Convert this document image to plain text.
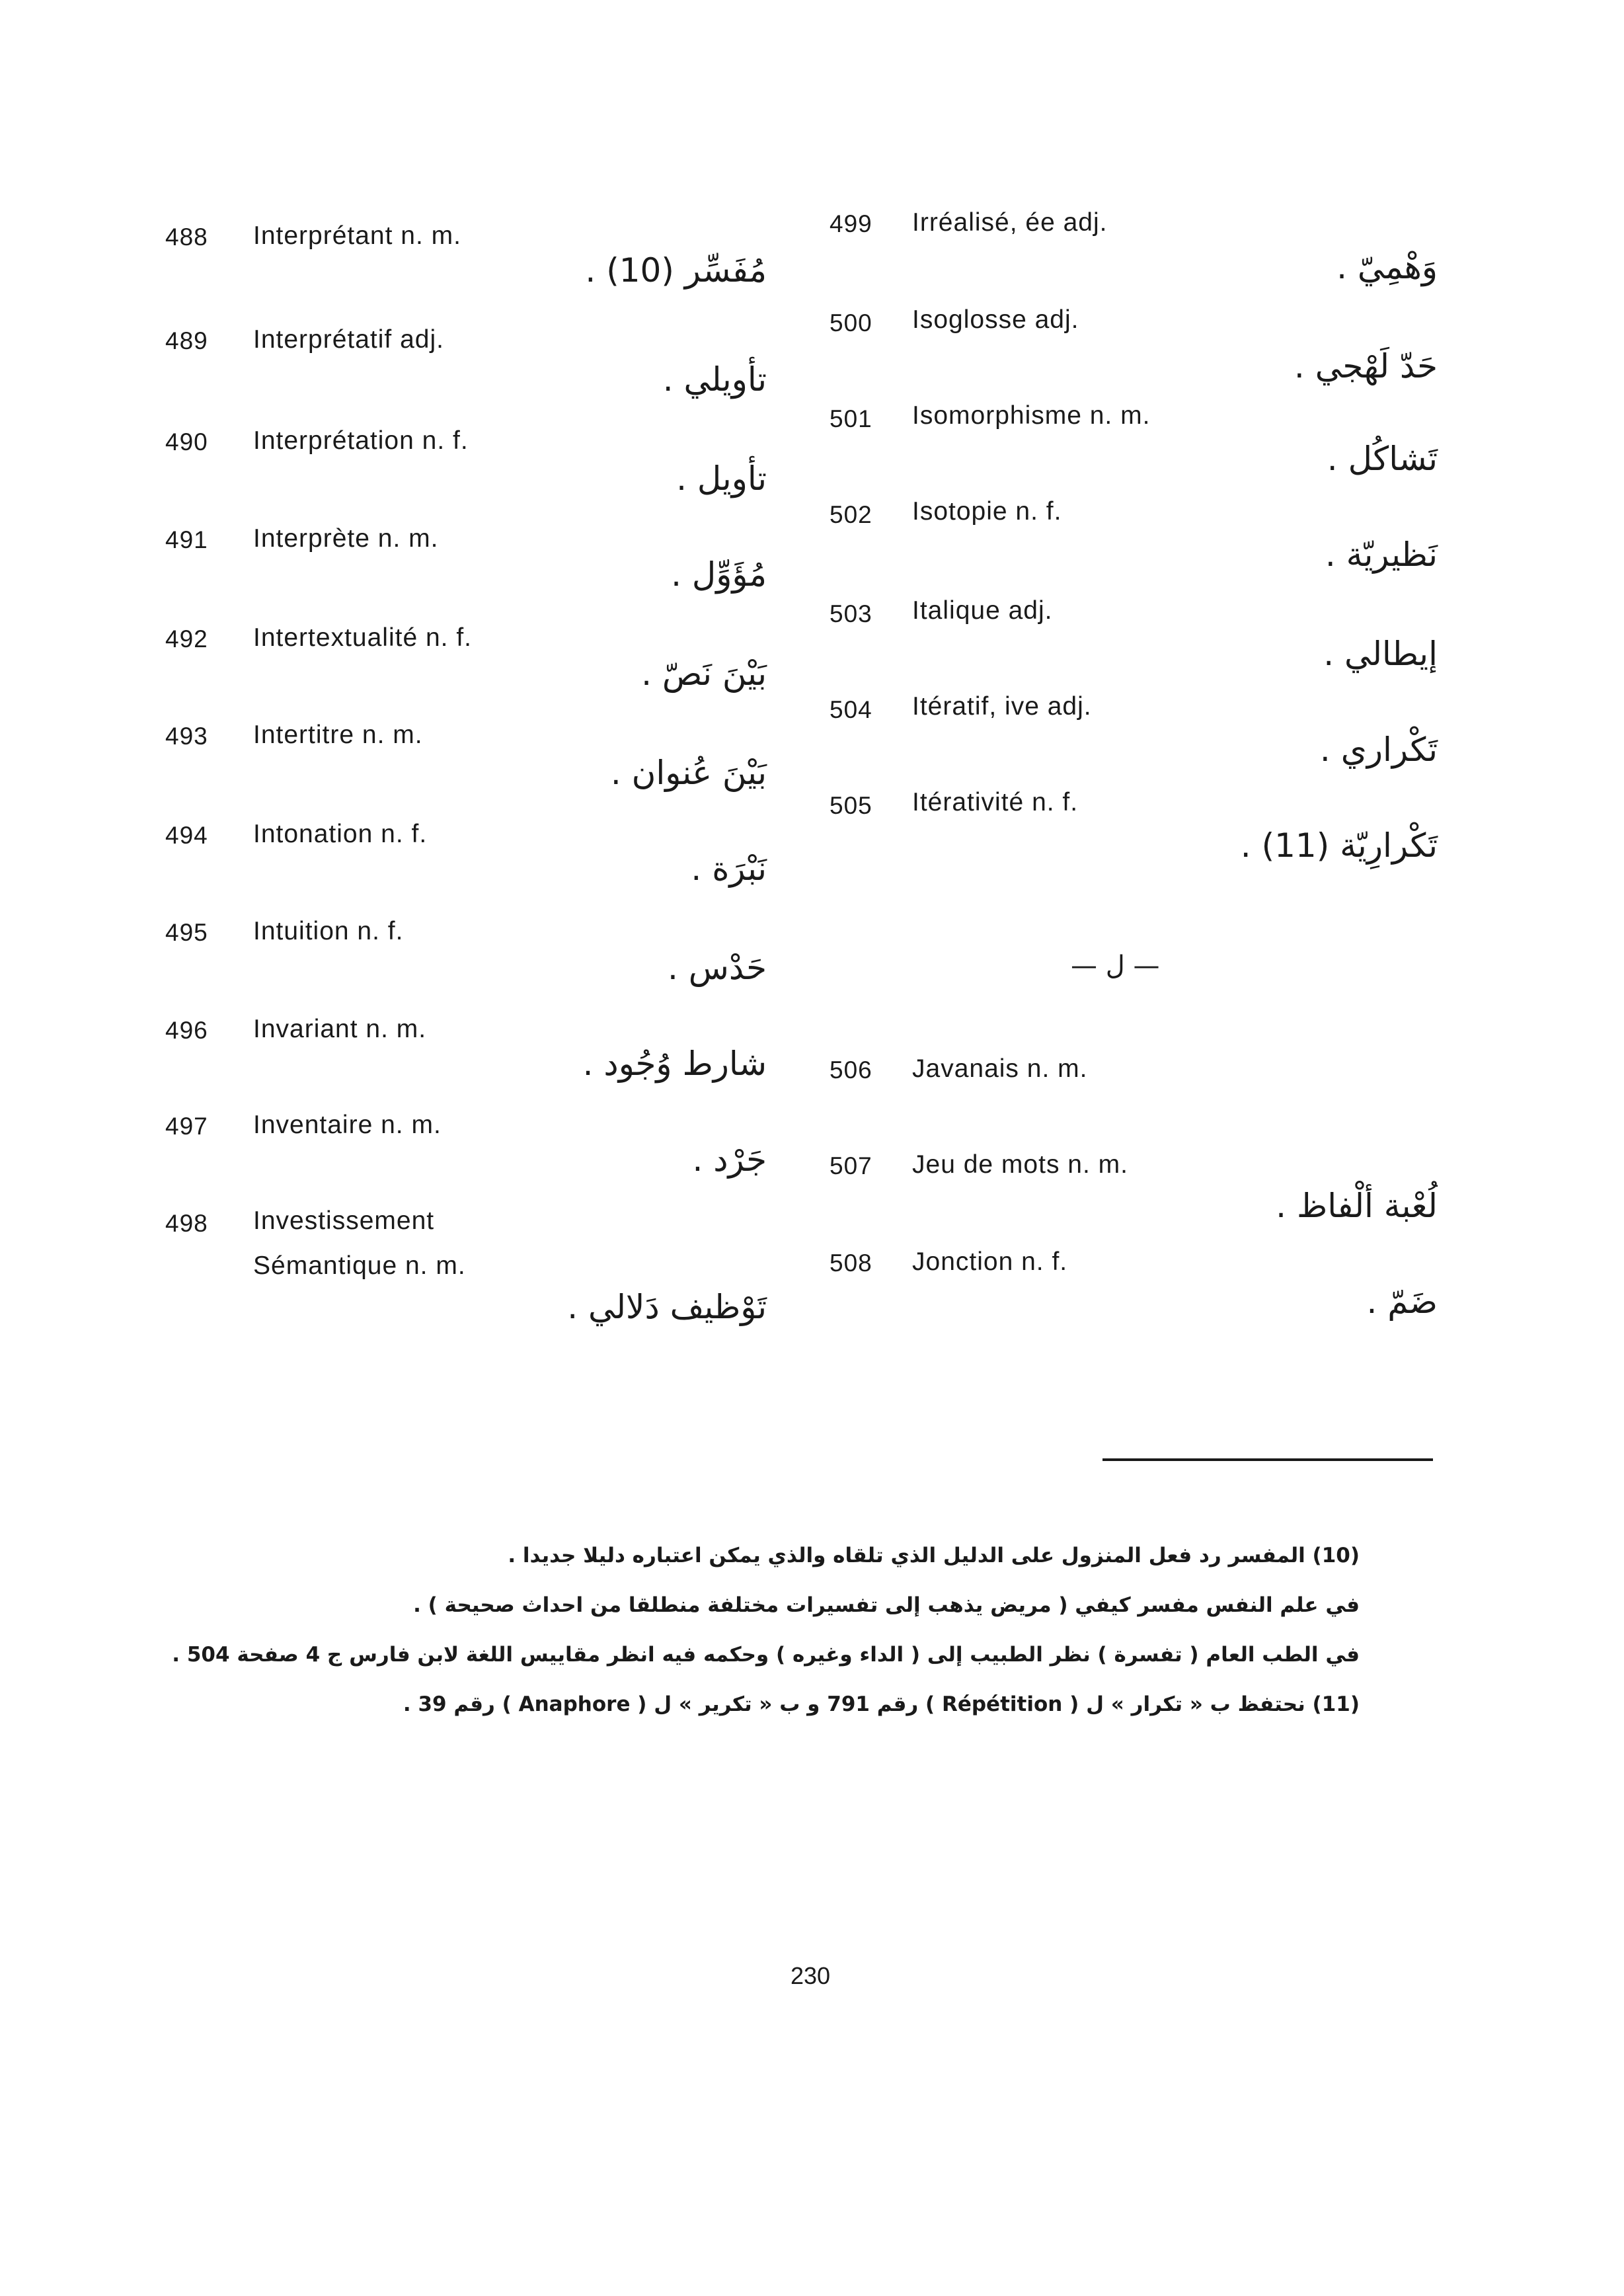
488 Interprétant n. m.
مُفَسِّر (10) .
489 Interprétatif adj.
تأويلي .
490 Interprétation n. f.
تأويل .
491 Interprète n. m.
مُؤَوِّل .
492 Intertextualité n. f.
بَيْنَ نَصّ .
493 Intertitre n. m.
بَيْنَ عُنوان .
494 Intonation n. f.
نَبْرَة .
495 Intuition n. f.
حَدْس .
496 Invariant n. m.
شارط وُجُود .
497 Inventaire n. m.
جَرْد .
498 Investissement
Sémantique n. m.
تَوْظيف دَلالي .
499 Irréalisé, ée adj.
وَهْمِيّ .
500 Isoglosse adj.
حَدّ لَهْجي .
501 Isomorphisme n. m.
تَشاكُل .
502 Isotopie n. f.
نَظيريّة .
503 Italique adj.
إيطالي .
504 Itératif, ive adj.
تَكْراري .
505 Itérativité n. f.
تَكْرارِيّة (11) .
— ل —
506 Javanais n. m.
507 Jeu de mots n. m.
لُعْبة ألْفاظ .
508 Jonction n. f.
ضَمّ .
(10) المفسر رد فعل المنزول على الدليل الذي تلقاه والذي يمكن اعتباره دليلا جديدا .
في علم النفس مفسر كيفي ( مريض يذهب إلى تفسيرات مختلفة منطلقا من احداث صحيحة ) .
في الطب العام ( تفسرة ) نظر الطبيب إلى ( الداء وغيره ) وحكمه فيه انظر مقاييس اللغة لابن فارس ج 4 صفحة 504 .
(11) نحتفظ ب « تكرار » ل ( Répétition ) رقم 791 و ب « تكرير » ل ( Anaphore ) رقم 39 .
230
